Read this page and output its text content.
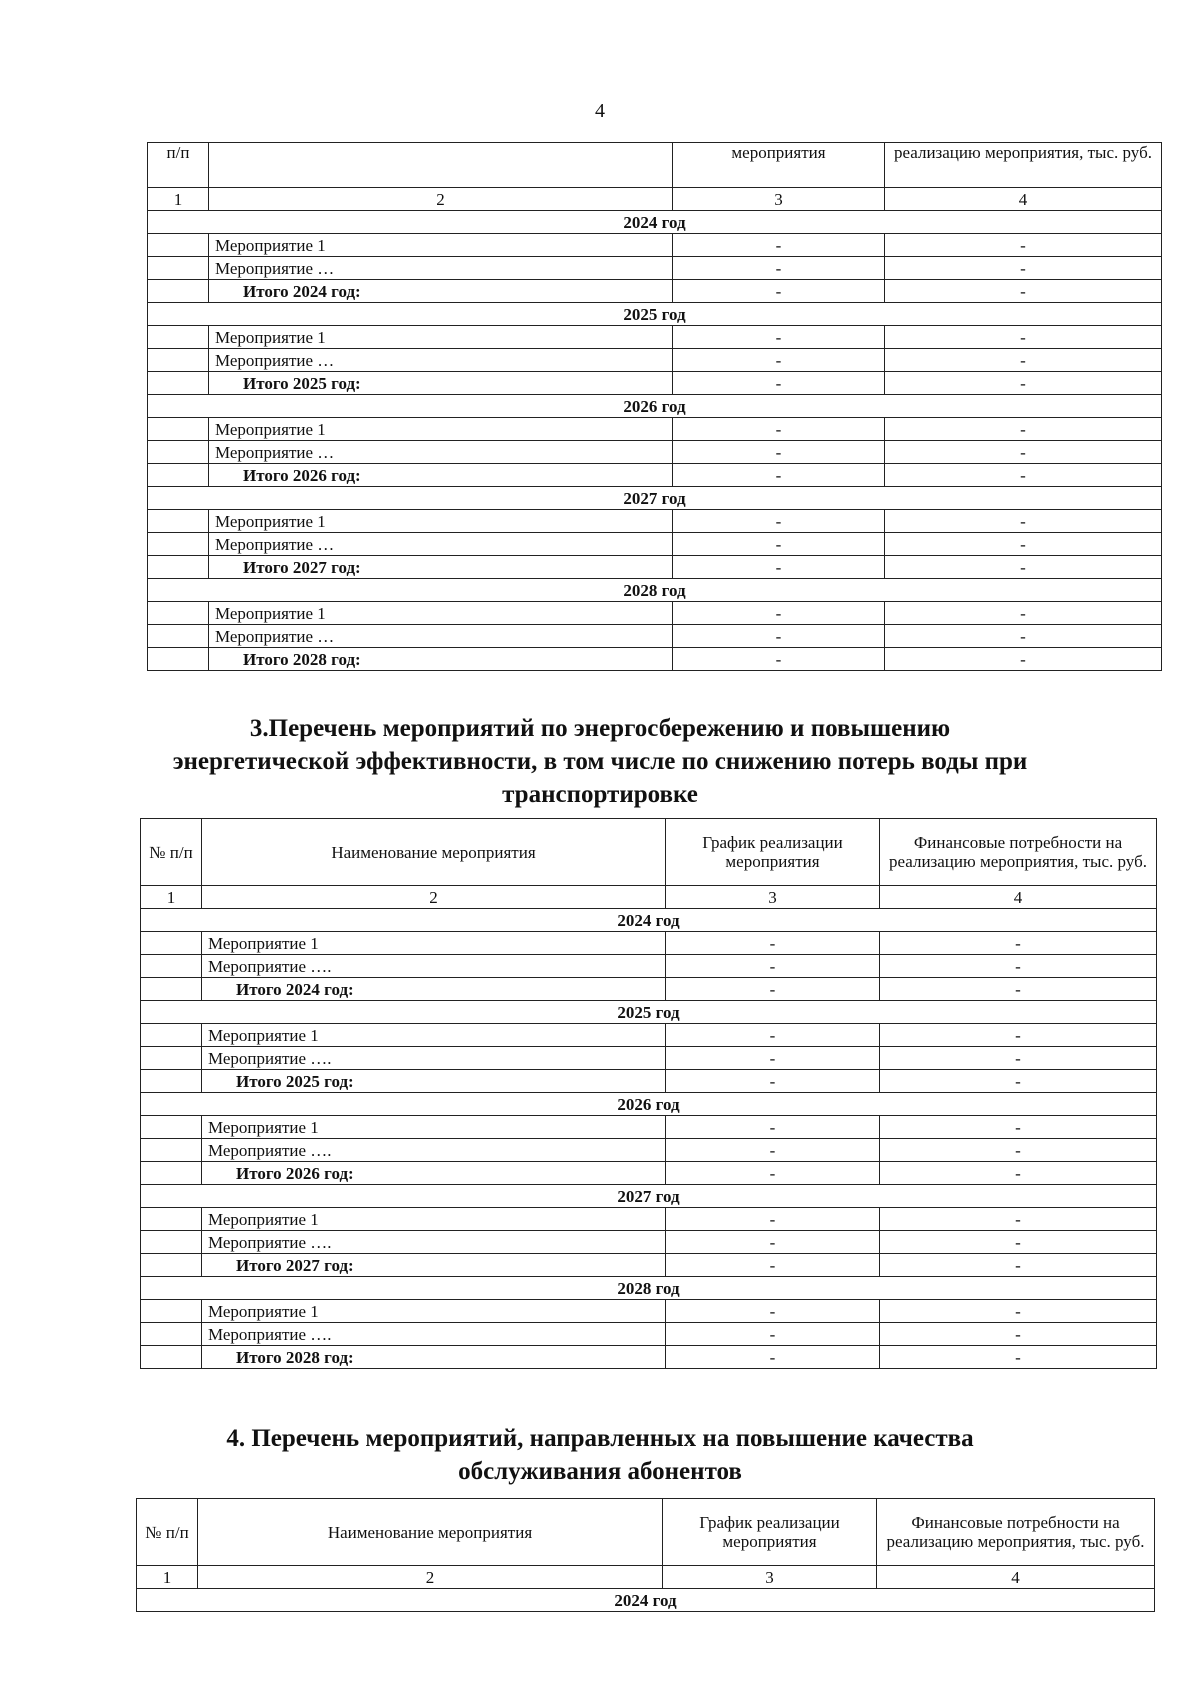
4
п/п		мероприятия	реализацию мероприятия, тыс. руб.
1	2	3	4
2024 год			
	Мероприятие 1	-	-
	Мероприятие …	-	-
	Итого 2024 год:	-	-
2025 год			
	Мероприятие 1	-	-
	Мероприятие …	-	-
	Итого 2025 год:	-	-
2026 год			
	Мероприятие 1	-	-
	Мероприятие …	-	-
	Итого 2026 год:	-	-
2027 год			
	Мероприятие 1	-	-
	Мероприятие …	-	-
	Итого 2027 год:	-	-
2028 год			
	Мероприятие 1	-	-
	Мероприятие …	-	-
	Итого 2028 год:	-	-
3.Перечень мероприятий по энергосбережению и повышению
энергетической эффективности, в том числе по снижению потерь воды при
транспортировке
№ п/п	Наименование мероприятия	График реализации мероприятия	Финансовые потребности на реализацию мероприятия, тыс. руб.
1	2	3	4
2024 год			
	Мероприятие 1	-	-
	Мероприятие ….	-	-
	Итого 2024 год:	-	-
2025 год			
	Мероприятие 1	-	-
	Мероприятие ….	-	-
	Итого 2025 год:	-	-
2026 год			
	Мероприятие 1	-	-
	Мероприятие ….	-	-
	Итого 2026 год:	-	-
2027 год			
	Мероприятие 1	-	-
	Мероприятие ….	-	-
	Итого 2027 год:	-	-
2028 год			
	Мероприятие 1	-	-
	Мероприятие ….	-	-
	Итого 2028 год:	-	-
4. Перечень мероприятий, направленных на повышение качества
обслуживания абонентов
№ п/п	Наименование мероприятия	График реализации мероприятия	Финансовые потребности на реализацию мероприятия, тыс. руб.
1	2	3	4
2024 год			
